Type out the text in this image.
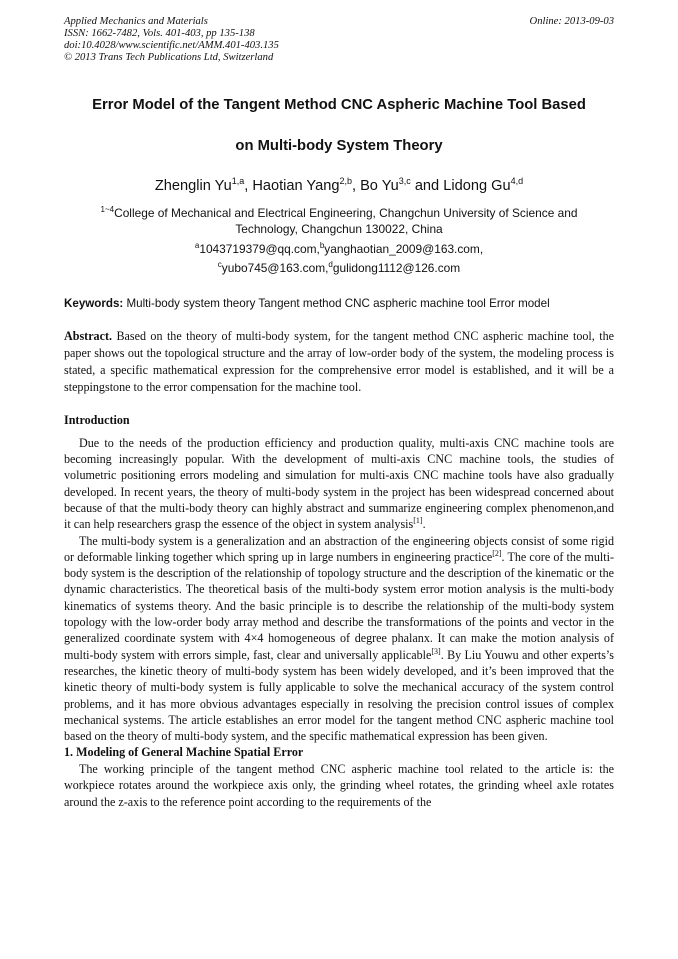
Applied Mechanics and Materials
ISSN: 1662-7482, Vols. 401-403, pp 135-138
doi:10.4028/www.scientific.net/AMM.401-403.135
© 2013 Trans Tech Publications Ltd, Switzerland
Online: 2013-09-03
Error Model of the Tangent Method CNC Aspheric Machine Tool Based
on Multi-body System Theory
Zhenglin Yu$^{1,a}$, Haotian Yang$^{2,b}$, Bo Yu$^{3,c}$ and Lidong Gu$^{4,d}$
$^{1\sim 4}$College of Mechanical and Electrical Engineering, Changchun University of Science and
Technology, Changchun 130022, China
$^a$1043719379@qq.com,$^b$yanghaotian_2009@163.com,
$^c$yubo745@163.com,$^d$gulidong1112@126.com
Keywords: Multi-body system theory Tangent method CNC aspheric machine tool Error model
Abstract. Based on the theory of multi-body system, for the tangent method CNC aspheric machine tool, the paper shows out the topological structure and the array of low-order body of the system, the modeling process is stated, a specific mathematical expression for the comprehensive error model is established, and it will be a steppingstone to the error compensation for the machine tool.
Introduction

Due to the needs of the production efficiency and production quality, multi-axis CNC machine tools are becoming increasingly popular. With the development of multi-axis CNC machine tools, the studies of volumetric positioning errors modeling and simulation for multi-axis CNC machine tools have also gradually developed. In recent years, the theory of multi-body system in the project has been widespread concerned about because of that the multi-body theory can highly abstract and summarize engineering complex phenomenon,and it can help researchers grasp the essence of the object in system analysis[1].

The multi-body system is a generalization and an abstraction of the engineering objects consist of some rigid or deformable linking together which spring up in large numbers in engineering practice[2]. The core of the multi-body system is the description of the relationship of topology structure and the description of the kinematic or the dynamic characteristics. The theoretical basis of the multi-body system error motion analysis is the multi-body kinematics of systems theory. And the basic principle is to describe the relationship of the multi-body system topology with the low-order body array method and describe the transformations of the points and vector in the generalized coordinate system with 4×4 homogeneous of degree phalanx. It can make the motion analysis of multi-body system with errors simple, fast, clear and universally applicable[3]. By Liu Youwu and other experts’s researches, the kinetic theory of multi-body system has been widely developed, and it’s been improved that the kinetic theory of multi-body system is fully applicable to solve the mechanical accuracy of the system control problems, and it has more obvious advantages especially in resolving the precision control issues of complex mechanical systems. The article establishes an error model for the tangent method CNC aspheric machine tool based on the theory of multi-body system, and the specific mathematical expression has been given.

1. Modeling of General Machine Spatial Error

The working principle of the tangent method CNC aspheric machine tool related to the article is: the workpiece rotates around the workpiece axis only, the grinding wheel rotates, the grinding wheel axle rotates around the z-axis to the reference point according to the requirements of the
